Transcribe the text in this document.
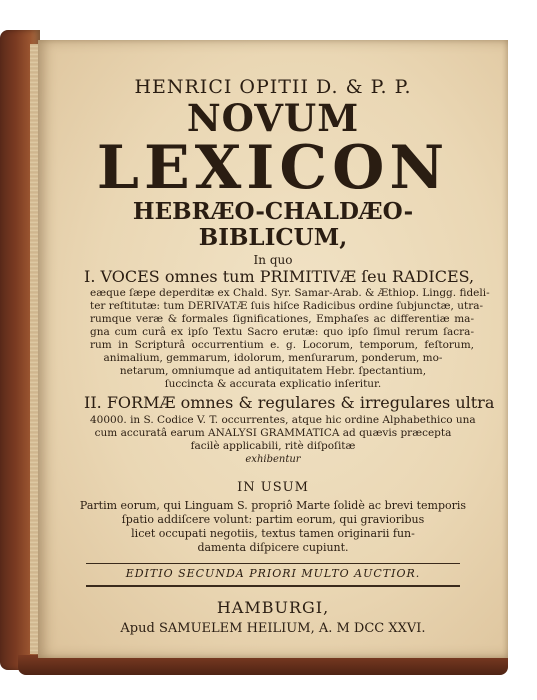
HENRICI OPITII D. & P. P.
NOVUM
LEXICON
HEBRÆO-CHALDÆO-
BIBLICUM,
In quo
I. VOCES omnes tum PRIMITIVÆ ſeu RADICES,
eæque ſæpe deperditæ ex Chald. Syr. Samar-Arab. & Æthiop. Lingg. fideli-
ter reſtitutæ: tum DERIVATÆ ſuis hiſce Radicibus ordine ſubjunctæ, utra-
rumque veræ & formales ſignificationes, Emphaſes ac differentiæ ma-
gna cum curâ ex ipſo Textu Sacro erutæ: quo ipſo ſimul rerum ſacra-
rum in Scripturâ occurrentium e. g. Locorum, temporum, feſtorum,
animalium, gemmarum, idolorum, menſurarum, ponderum, mo-
netarum, omniumque ad antiquitatem Hebr. ſpectantium,
ſuccincta & accurata explicatio inſeritur.
II. FORMÆ omnes & regulares & irregulares ultra
40000. in S. Codice V. T. occurrentes, atque hic ordine Alphabethico una
cum accuratâ earum ANALYSI GRAMMATICA ad quævis præcepta
facilè applicabili, ritè diſpoſitæ
exhibentur
IN USUM
Partim eorum, qui Linguam S. propriô Marte ſolidè ac brevi temporis
ſpatio addiſcere volunt: partim eorum, qui gravioribus
licet occupati negotiis, textus tamen originarii fun-
damenta diſpicere cupiunt.
EDITIO SECUNDA PRIORI MULTO AUCTIOR.
HAMBURGI,
Apud SAMUELEM HEILIUM, A. M DCC XXVI.
